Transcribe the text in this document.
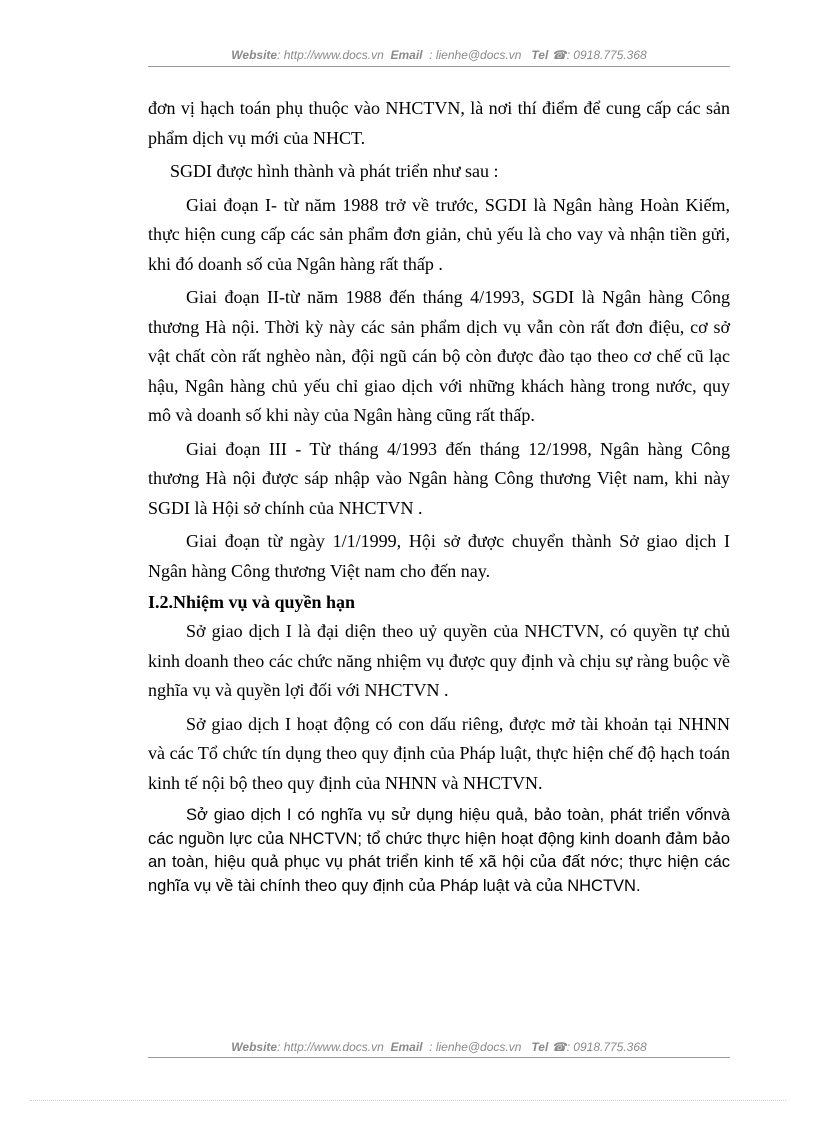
Website: http://www.docs.vn Email : lienhe@docs.vn Tel ☎: 0918.775.368

đơn vị hạch toán phụ thuộc vào NHCTVN, là nơi thí điểm để cung cấp các sản phẩm dịch vụ mới của NHCT.

SGDI được hình thành và phát triển như sau :

Giai đoạn I- từ năm 1988 trở về trước, SGDI là Ngân hàng Hoàn Kiếm, thực hiện cung cấp các sản phẩm đơn giản, chủ yếu là cho vay và nhận tiền gửi, khi đó doanh số của Ngân hàng rất thấp .

Giai đoạn II-từ năm 1988 đến tháng 4/1993, SGDI là Ngân hàng Công thương Hà nội. Thời kỳ này các sản phẩm dịch vụ vẫn còn rất đơn điệu, cơ sở vật chất còn rất nghèo nàn, đội ngũ cán bộ còn được đào tạo theo cơ chế cũ lạc hậu, Ngân hàng chủ yếu chỉ giao dịch với những khách hàng trong nước, quy mô và doanh số khi này của Ngân hàng cũng rất thấp.

Giai đoạn III - Từ tháng 4/1993 đến tháng 12/1998, Ngân hàng Công thương Hà nội được sáp nhập vào Ngân hàng Công thương Việt nam, khi này SGDI là Hội sở chính của NHCTVN .

Giai đoạn từ ngày 1/1/1999, Hội sở được chuyển thành Sở giao dịch I Ngân hàng Công thương Việt nam cho đến nay.

I.2.Nhiệm vụ và quyền hạn

Sở giao dịch I là đại diện theo uỷ quyền của NHCTVN, có quyền tự chủ kinh doanh theo các chức năng nhiệm vụ được quy định và chịu sự ràng buộc về nghĩa vụ và quyền lợi đối với NHCTVN .

Sở giao dịch I hoạt động có con dấu riêng, được mở tài khoản tại NHNN và các Tổ chức tín dụng theo quy định của Pháp luật, thực hiện chế độ hạch toán kinh tế nội bộ theo quy định của NHNN và NHCTVN.

Sở giao dịch I có nghĩa vụ sử dụng hiệu quả, bảo toàn, phát triển vốnvà các nguồn lực của NHCTVN; tổ chức thực hiện hoạt động kinh doanh đảm bảo an toàn, hiệu quả phục vụ phát triển kinh tế xã hội của đất nớc; thực hiện các nghĩa vụ về tài chính theo quy định của Pháp luật và của NHCTVN.

Website: http://www.docs.vn Email : lienhe@docs.vn Tel ☎: 0918.775.368
